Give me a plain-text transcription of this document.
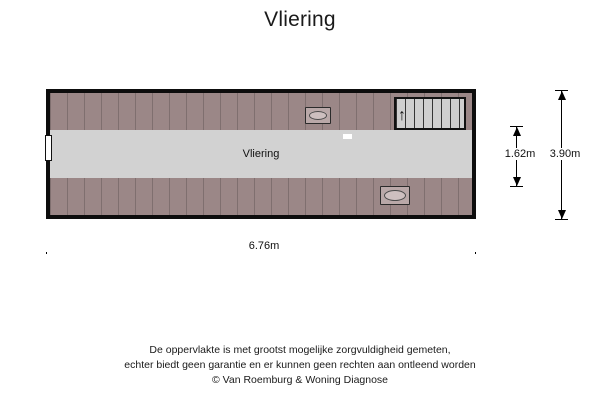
Vliering
Vliering
↑
6.76m
1.62m	3.90m
De oppervlakte is met grootst mogelijke zorgvuldigheid gemeten,
echter biedt geen garantie en er kunnen geen rechten aan ontleend worden
© Van Roemburg & Woning Diagnose
